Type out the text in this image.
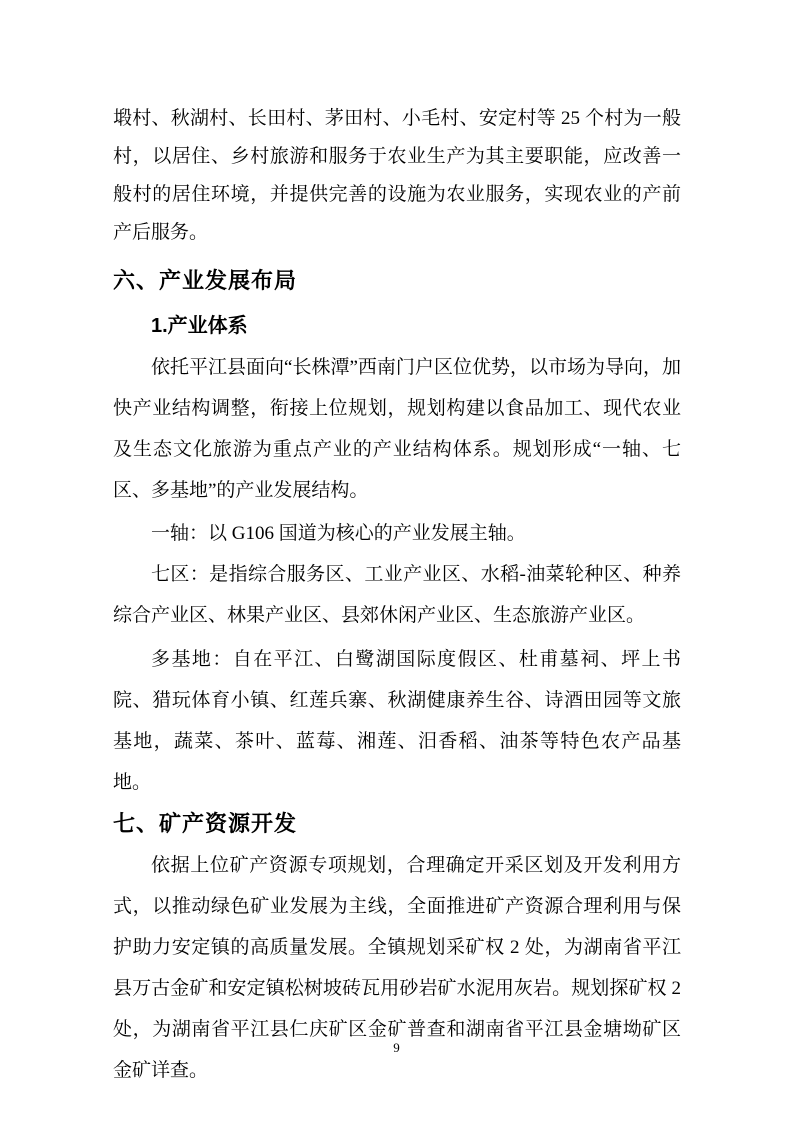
塅村、秋湖村、长田村、茅田村、小毛村、安定村等 25 个村为一般村，以居住、乡村旅游和服务于农业生产为其主要职能，应改善一般村的居住环境，并提供完善的设施为农业服务，实现农业的产前产后服务。

六、产业发展布局
1.产业体系

依托平江县面向“长株潭”西南门户区位优势，以市场为导向，加快产业结构调整，衔接上位规划，规划构建以食品加工、现代农业及生态文化旅游为重点产业的产业结构体系。规划形成“一轴、七区、多基地”的产业发展结构。

一轴：以 G106 国道为核心的产业发展主轴。

七区：是指综合服务区、工业产业区、水稻-油菜轮种区、种养综合产业区、林果产业区、县郊休闲产业区、生态旅游产业区。

多基地：自在平江、白鹭湖国际度假区、杜甫墓祠、坪上书院、猎玩体育小镇、红莲兵寨、秋湖健康养生谷、诗酒田园等文旅基地，蔬菜、茶叶、蓝莓、湘莲、汨香稻、油茶等特色农产品基地。

七、矿产资源开发

依据上位矿产资源专项规划，合理确定开采区划及开发利用方式，以推动绿色矿业发展为主线，全面推进矿产资源合理利用与保护助力安定镇的高质量发展。全镇规划采矿权 2 处，为湖南省平江县万古金矿和安定镇松树坡砖瓦用砂岩矿水泥用灰岩。规划探矿权 2 处，为湖南省平江县仁庆矿区金矿普查和湖南省平江县金塘坳矿区金矿详查。

9
